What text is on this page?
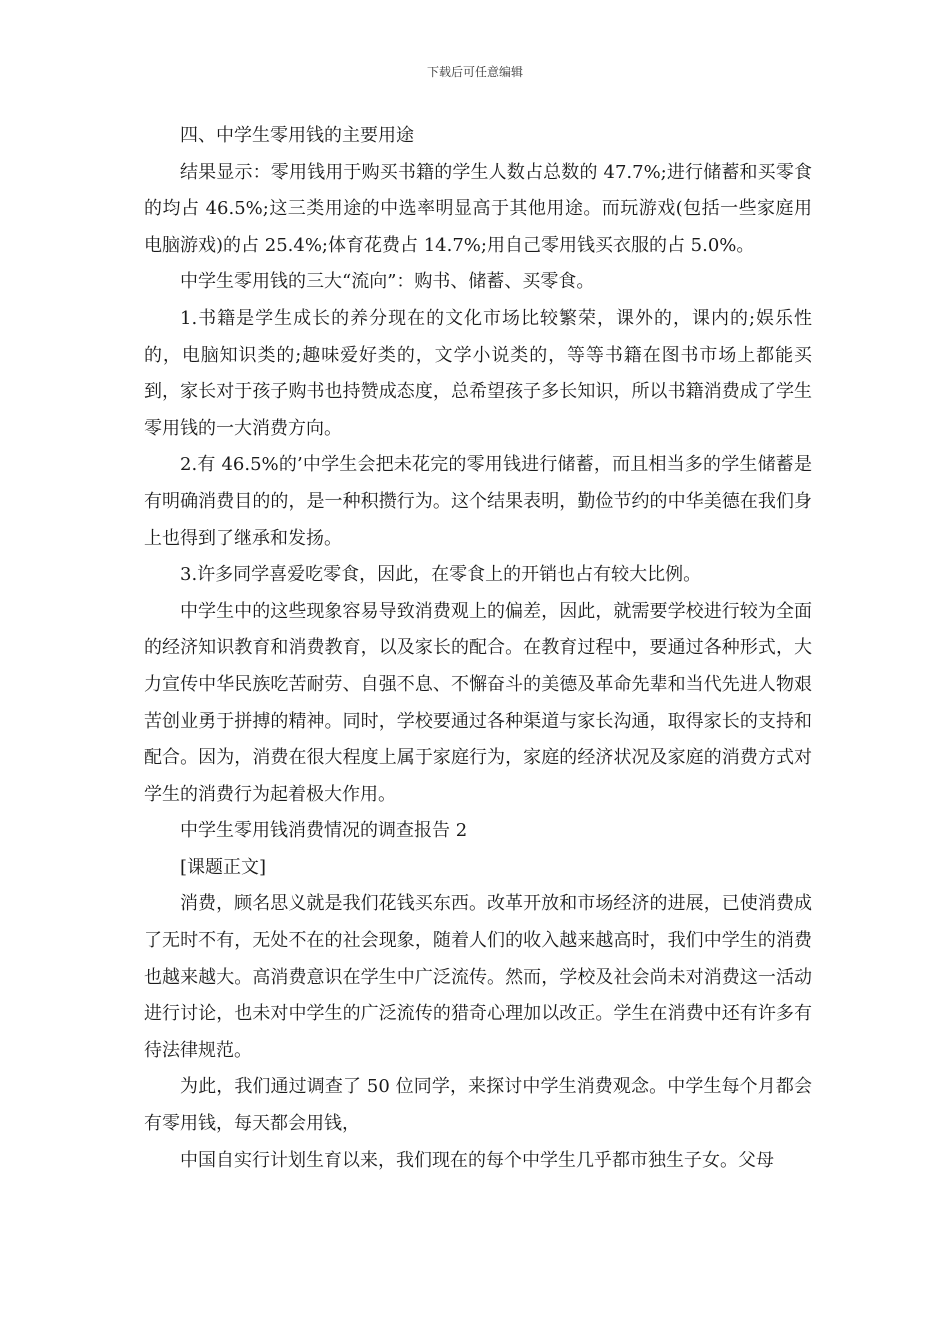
下载后可任意编辑

四、中学生零用钱的主要用途

结果显示：零用钱用于购买书籍的学生人数占总数的 47.7%;进行储蓄和买零食的均占 46.5%;这三类用途的中选率明显高于其他用途。而玩游戏(包括一些家庭用电脑游戏)的占 25.4%;体育花费占 14.7%;用自己零用钱买衣服的占 5.0%。

中学生零用钱的三大“流向”：购书、储蓄、买零食。

1.书籍是学生成长的养分现在的文化市场比较繁荣，课外的，课内的;娱乐性的，电脑知识类的;趣味爱好类的，文学小说类的，等等书籍在图书市场上都能买到，家长对于孩子购书也持赞成态度，总希望孩子多长知识，所以书籍消费成了学生零用钱的一大消费方向。

2.有 46.5%的’中学生会把未花完的零用钱进行储蓄，而且相当多的学生储蓄是有明确消费目的的，是一种积攒行为。这个结果表明，勤俭节约的中华美德在我们身上也得到了继承和发扬。

3.许多同学喜爱吃零食，因此，在零食上的开销也占有较大比例。

中学生中的这些现象容易导致消费观上的偏差，因此，就需要学校进行较为全面的经济知识教育和消费教育，以及家长的配合。在教育过程中，要通过各种形式，大力宣传中华民族吃苦耐劳、自强不息、不懈奋斗的美德及革命先辈和当代先进人物艰苦创业勇于拼搏的精神。同时，学校要通过各种渠道与家长沟通，取得家长的支持和配合。因为，消费在很大程度上属于家庭行为，家庭的经济状况及家庭的消费方式对学生的消费行为起着极大作用。

中学生零用钱消费情况的调查报告 2

[课题正文]

消费，顾名思义就是我们花钱买东西。改革开放和市场经济的进展，已使消费成了无时不有，无处不在的社会现象，随着人们的收入越来越高时，我们中学生的消费也越来越大。高消费意识在学生中广泛流传。然而，学校及社会尚未对消费这一活动进行讨论，也未对中学生的广泛流传的猎奇心理加以改正。学生在消费中还有许多有待法律规范。

为此，我们通过调查了 50 位同学，来探讨中学生消费观念。中学生每个月都会有零用钱，每天都会用钱，

中国自实行计划生育以来，我们现在的每个中学生几乎都市独生子女。父母
